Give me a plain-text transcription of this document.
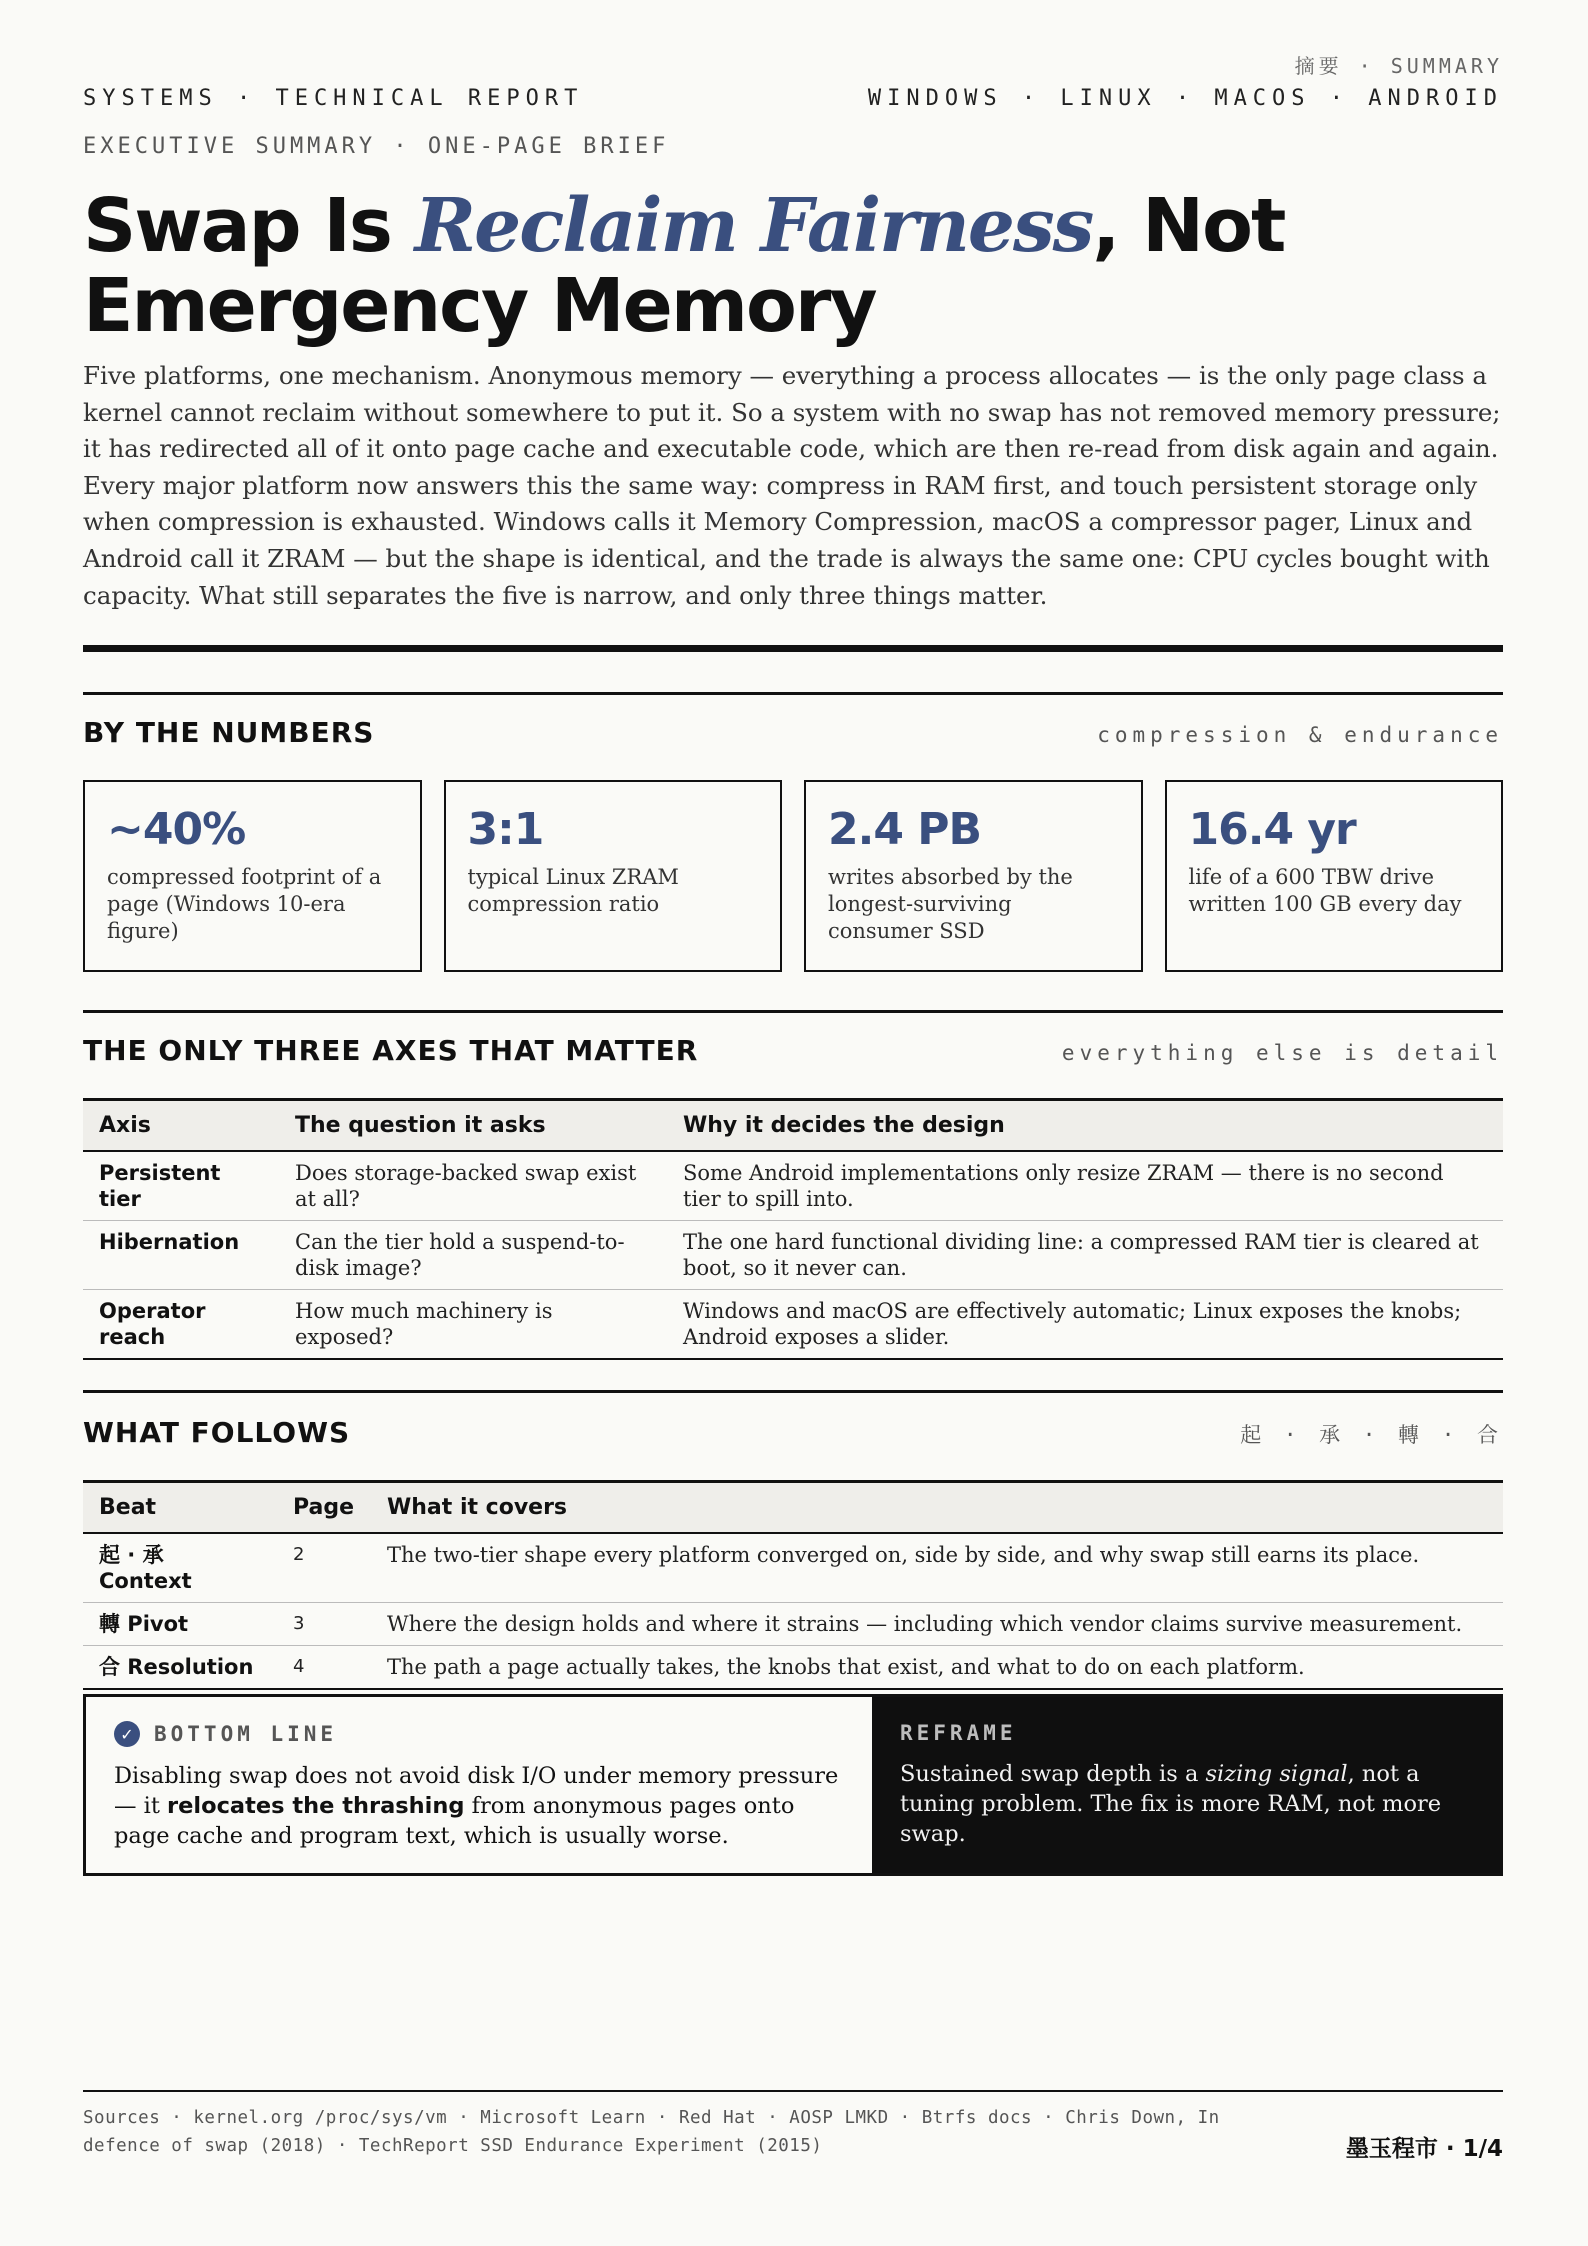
摘要 · SUMMARY
SYSTEMS · TECHNICAL REPORT	WINDOWS · LINUX · MACOS · ANDROID
EXECUTIVE SUMMARY · ONE-PAGE BRIEF
Swap Is Reclaim Fairness, Not Emergency Memory

Five platforms, one mechanism. Anonymous memory — everything a process allocates — is the only page class a kernel cannot reclaim without somewhere to put it. So a system with no swap has not removed memory pressure; it has redirected all of it onto page cache and executable code, which are then re-read from disk again and again. Every major platform now answers this the same way: compress in RAM first, and touch persistent storage only when compression is exhausted. Windows calls it Memory Compression, macOS a compressor pager, Linux and Android call it ZRAM — but the shape is identical, and the trade is always the same one: CPU cycles bought with capacity. What still separates the five is narrow, and only three things matter.

BY THE NUMBERS	compression & endurance
~40%
compressed footprint of a page (Windows 10-era figure)
3:1
typical Linux ZRAM compression ratio
2.4 PB
writes absorbed by the longest-surviving consumer SSD
16.4 yr
life of a 600 TBW drive written 100 GB every day
THE ONLY THREE AXES THAT MATTER	everything else is detail
Axis	The question it asks	Why it decides the design
Persistent tier	Does storage-backed swap exist at all?	Some Android implementations only resize ZRAM — there is no second tier to spill into.
Hibernation	Can the tier hold a suspend-to-disk image?	The one hard functional dividing line: a compressed RAM tier is cleared at boot, so it never can.
Operator reach	How much machinery is exposed?	Windows and macOS are effectively automatic; Linux exposes the knobs; Android exposes a slider.
WHAT FOLLOWS	起 · 承 · 轉 · 合
Beat	Page	What it covers
起 · 承 Context	2	The two-tier shape every platform converged on, side by side, and why swap still earns its place.
轉 Pivot	3	Where the design holds and where it strains — including which vendor claims survive measurement.
合 Resolution	4	The path a page actually takes, the knobs that exist, and what to do on each platform.
✓ BOTTOM LINE

Disabling swap does not avoid disk I/O under memory pressure — it relocates the thrashing from anonymous pages onto page cache and program text, which is usually worse.

REFRAME

Sustained swap depth is a sizing signal, not a tuning problem. The fix is more RAM, not more swap.

Sources · kernel.org /proc/sys/vm · Microsoft Learn · Red Hat · AOSP LMKD · Btrfs docs · Chris Down, In defence of swap (2018) · TechReport SSD Endurance Experiment (2015)	墨玉程市 · 1/4
